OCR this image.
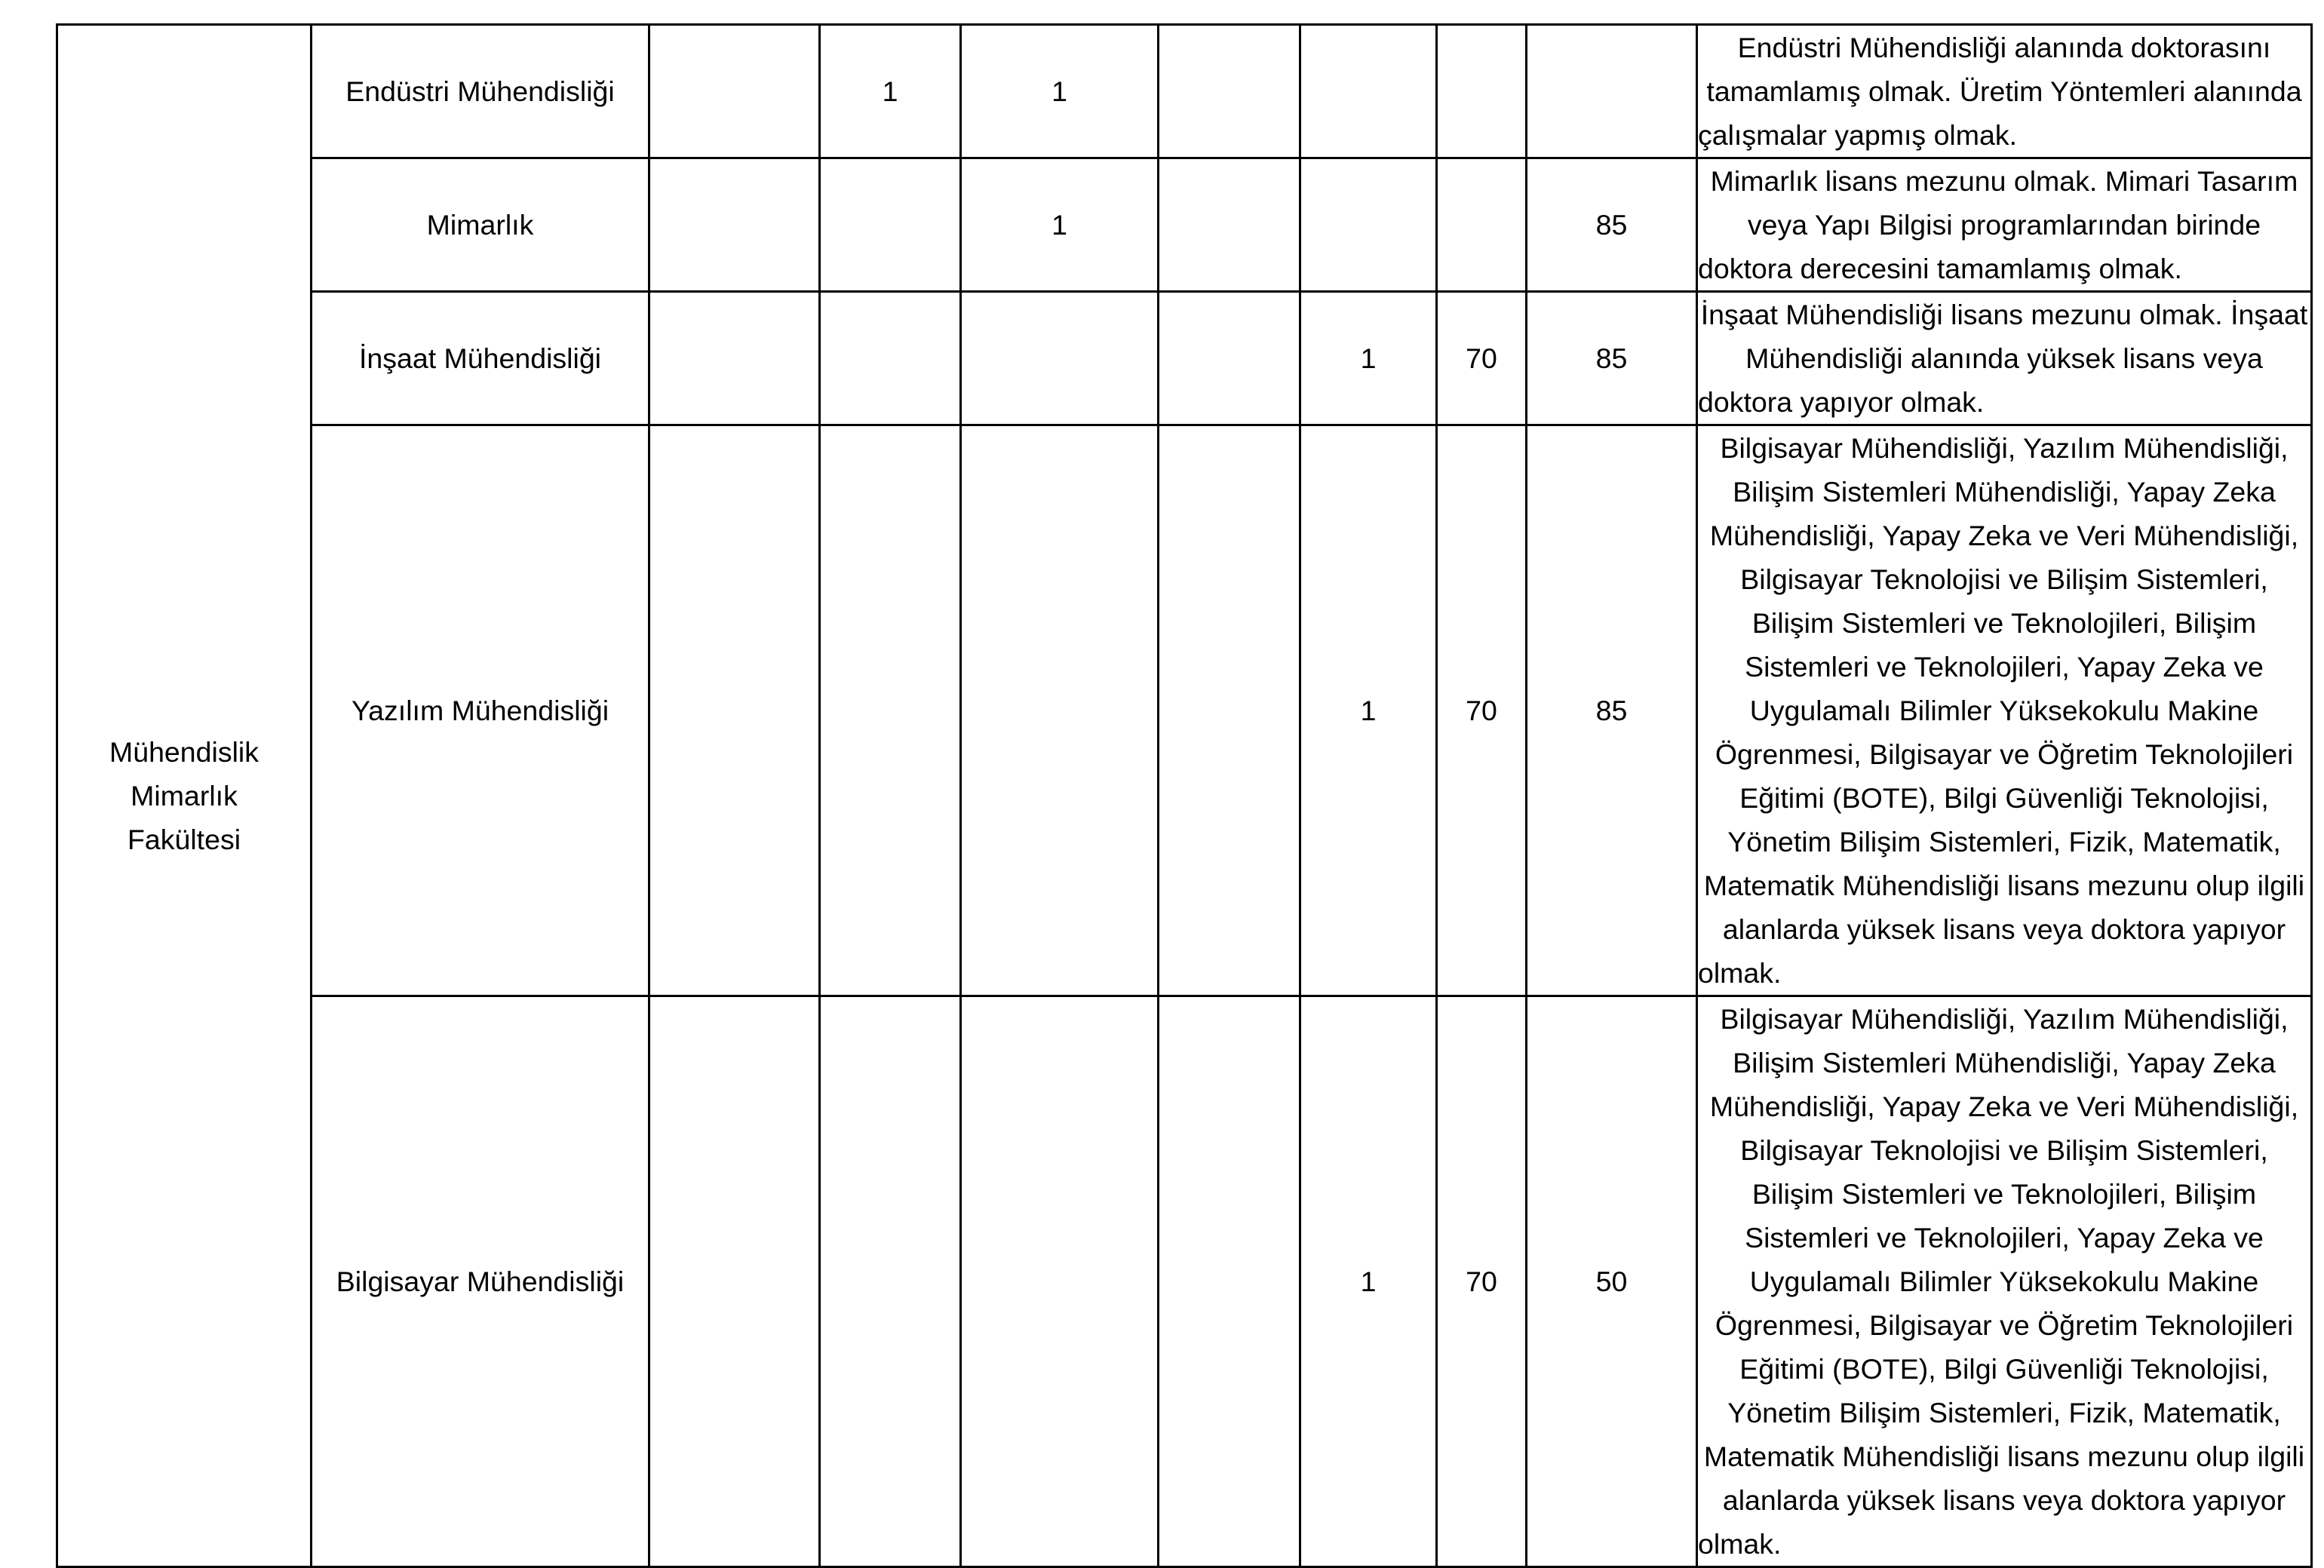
Mühendislik Mimarlık Fakültesi	Endüstri Mühendisliği		1	1					Endüstri Mühendisliği alanında doktorasını tamamlamış olmak. Üretim Yöntemleri alanında çalışmalar yapmış olmak.
	Mimarlık			1				85	Mimarlık lisans mezunu olmak. Mimari Tasarım veya Yapı Bilgisi programlarından birinde doktora derecesini tamamlamış olmak.
	İnşaat Mühendisliği					1	70	85	İnşaat Mühendisliği lisans mezunu olmak. İnşaat Mühendisliği alanında yüksek lisans veya doktora yapıyor olmak.
	Yazılım Mühendisliği					1	70	85	Bilgisayar Mühendisliği, Yazılım Mühendisliği, Bilişim Sistemleri Mühendisliği, Yapay Zeka Mühendisliği, Yapay Zeka ve Veri Mühendisliği, Bilgisayar Teknolojisi ve Bilişim Sistemleri, Bilişim Sistemleri ve Teknolojileri, Bilişim Sistemleri ve Teknolojileri, Yapay Zeka ve Uygulamalı Bilimler Yüksekokulu Makine Ögrenmesi, Bilgisayar ve Öğretim Teknolojileri Eğitimi (BOTE), Bilgi Güvenliği Teknolojisi, Yönetim Bilişim Sistemleri, Fizik, Matematik, Matematik Mühendisliği lisans mezunu olup ilgili alanlarda yüksek lisans veya doktora yapıyor olmak.
	Bilgisayar Mühendisliği					1	70	50	Bilgisayar Mühendisliği, Yazılım Mühendisliği, Bilişim Sistemleri Mühendisliği, Yapay Zeka Mühendisliği, Yapay Zeka ve Veri Mühendisliği, Bilgisayar Teknolojisi ve Bilişim Sistemleri, Bilişim Sistemleri ve Teknolojileri, Bilişim Sistemleri ve Teknolojileri, Yapay Zeka ve Uygulamalı Bilimler Yüksekokulu Makine Ögrenmesi, Bilgisayar ve Öğretim Teknolojileri Eğitimi (BOTE), Bilgi Güvenliği Teknolojisi, Yönetim Bilişim Sistemleri, Fizik, Matematik, Matematik Mühendisliği lisans mezunu olup ilgili alanlarda yüksek lisans veya doktora yapıyor olmak.
